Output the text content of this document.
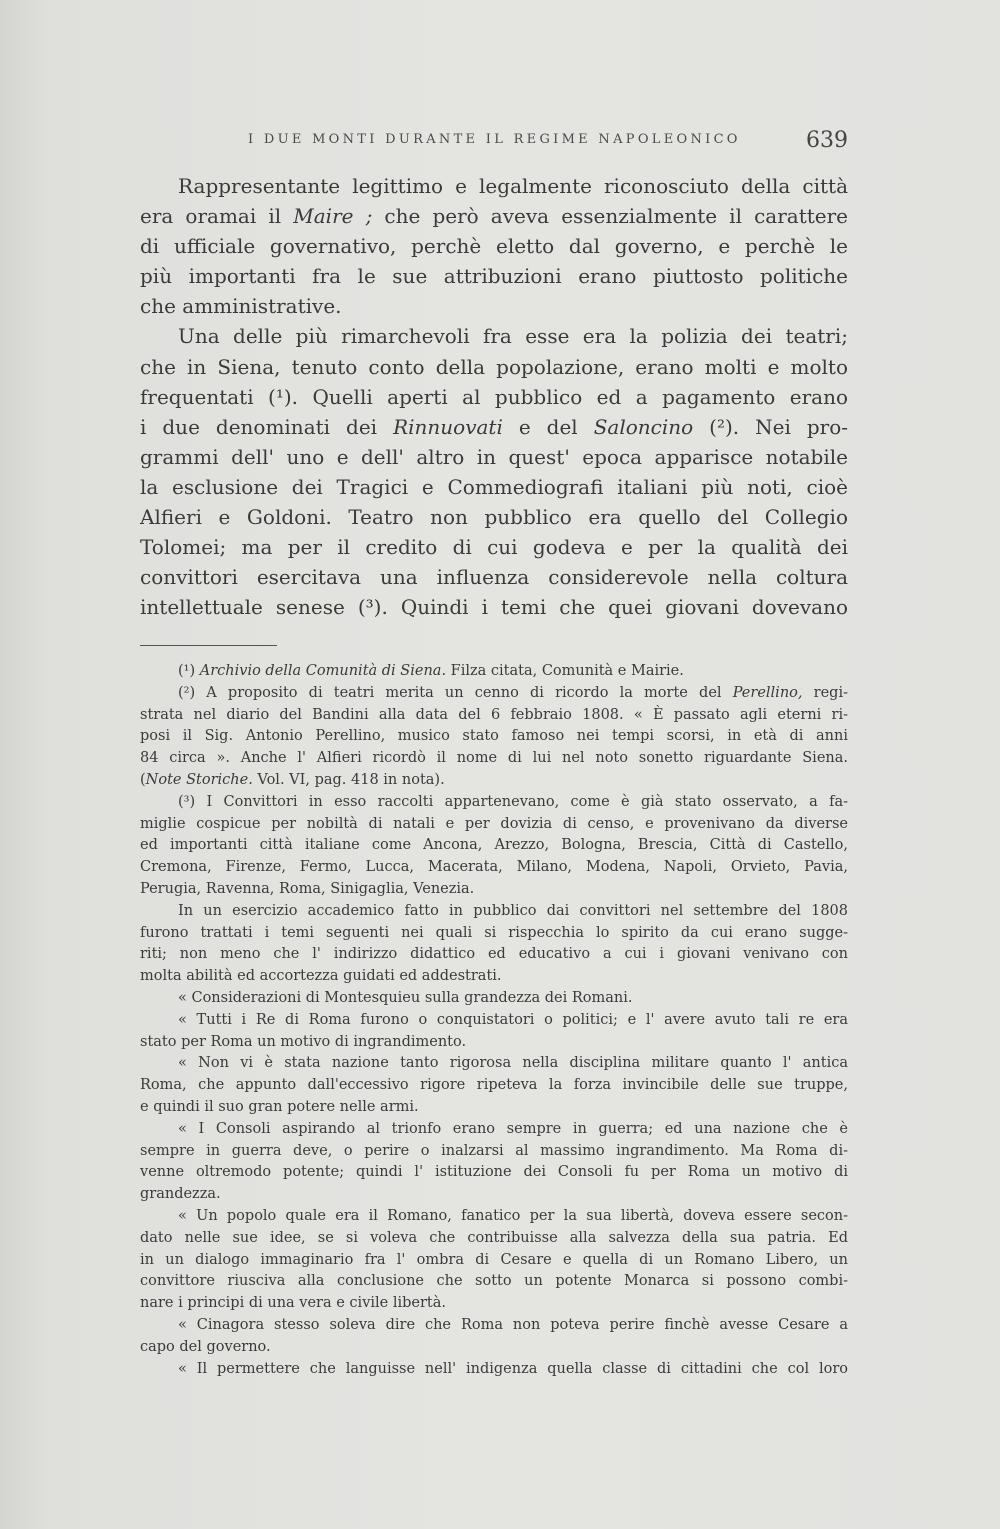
I DUE MONTI DURANTE IL REGIME NAPOLEONICO	639
Rappresentante legittimo e legalmente riconosciuto della città
era oramai il Maire ; che però aveva essenzialmente il carattere
di ufficiale governativo, perchè eletto dal governo, e perchè le
più importanti fra le sue attribuzioni erano piuttosto politiche
che amministrative.
Una delle più rimarchevoli fra esse era la polizia dei teatri;
che in Siena, tenuto conto della popolazione, erano molti e molto
frequentati (¹). Quelli aperti al pubblico ed a pagamento erano
i due denominati dei Rinnuovati e del Saloncino (²). Nei pro-
grammi dell' uno e dell' altro in quest' epoca apparisce notabile
la esclusione dei Tragici e Commediografi italiani più noti, cioè
Alfieri e Goldoni. Teatro non pubblico era quello del Collegio
Tolomei; ma per il credito di cui godeva e per la qualità dei
convittori esercitava una influenza considerevole nella coltura
intellettuale senese (³). Quindi i temi che quei giovani dovevano
(¹) Archivio della Comunità di Siena. Filza citata, Comunità e Mairie.
(²) A proposito di teatri merita un cenno di ricordo la morte del Perellino, regi-
strata nel diario del Bandini alla data del 6 febbraio 1808. « È passato agli eterni ri-
posi il Sig. Antonio Perellino, musico stato famoso nei tempi scorsi, in età di anni
84 circa ». Anche l' Alfieri ricordò il nome di lui nel noto sonetto riguardante Siena.
(Note Storiche. Vol. VI, pag. 418 in nota).
(³) I Convittori in esso raccolti appartenevano, come è già stato osservato, a fa-
miglie cospicue per nobiltà di natali e per dovizia di censo, e provenivano da diverse
ed importanti città italiane come Ancona, Arezzo, Bologna, Brescia, Città di Castello,
Cremona, Firenze, Fermo, Lucca, Macerata, Milano, Modena, Napoli, Orvieto, Pavia,
Perugia, Ravenna, Roma, Sinigaglia, Venezia.
In un esercizio accademico fatto in pubblico dai convittori nel settembre del 1808
furono trattati i temi seguenti nei quali si rispecchia lo spirito da cui erano sugge-
riti; non meno che l' indirizzo didattico ed educativo a cui i giovani venivano con
molta abilità ed accortezza guidati ed addestrati.
« Considerazioni di Montesquieu sulla grandezza dei Romani.
« Tutti i Re di Roma furono o conquistatori o politici; e l' avere avuto tali re era
stato per Roma un motivo di ingrandimento.
« Non vi è stata nazione tanto rigorosa nella disciplina militare quanto l' antica
Roma, che appunto dall'eccessivo rigore ripeteva la forza invincibile delle sue truppe,
e quindi il suo gran potere nelle armi.
« I Consoli aspirando al trionfo erano sempre in guerra; ed una nazione che è
sempre in guerra deve, o perire o inalzarsi al massimo ingrandimento. Ma Roma di-
venne oltremodo potente; quindi l' istituzione dei Consoli fu per Roma un motivo di
grandezza.
« Un popolo quale era il Romano, fanatico per la sua libertà, doveva essere secon-
dato nelle sue idee, se si voleva che contribuisse alla salvezza della sua patria. Ed
in un dialogo immaginario fra l' ombra di Cesare e quella di un Romano Libero, un
convittore riusciva alla conclusione che sotto un potente Monarca si possono combi-
nare i principi di una vera e civile libertà.
« Cinagora stesso soleva dire che Roma non poteva perire finchè avesse Cesare a
capo del governo.
« Il permettere che languisse nell' indigenza quella classe di cittadini che col loro
